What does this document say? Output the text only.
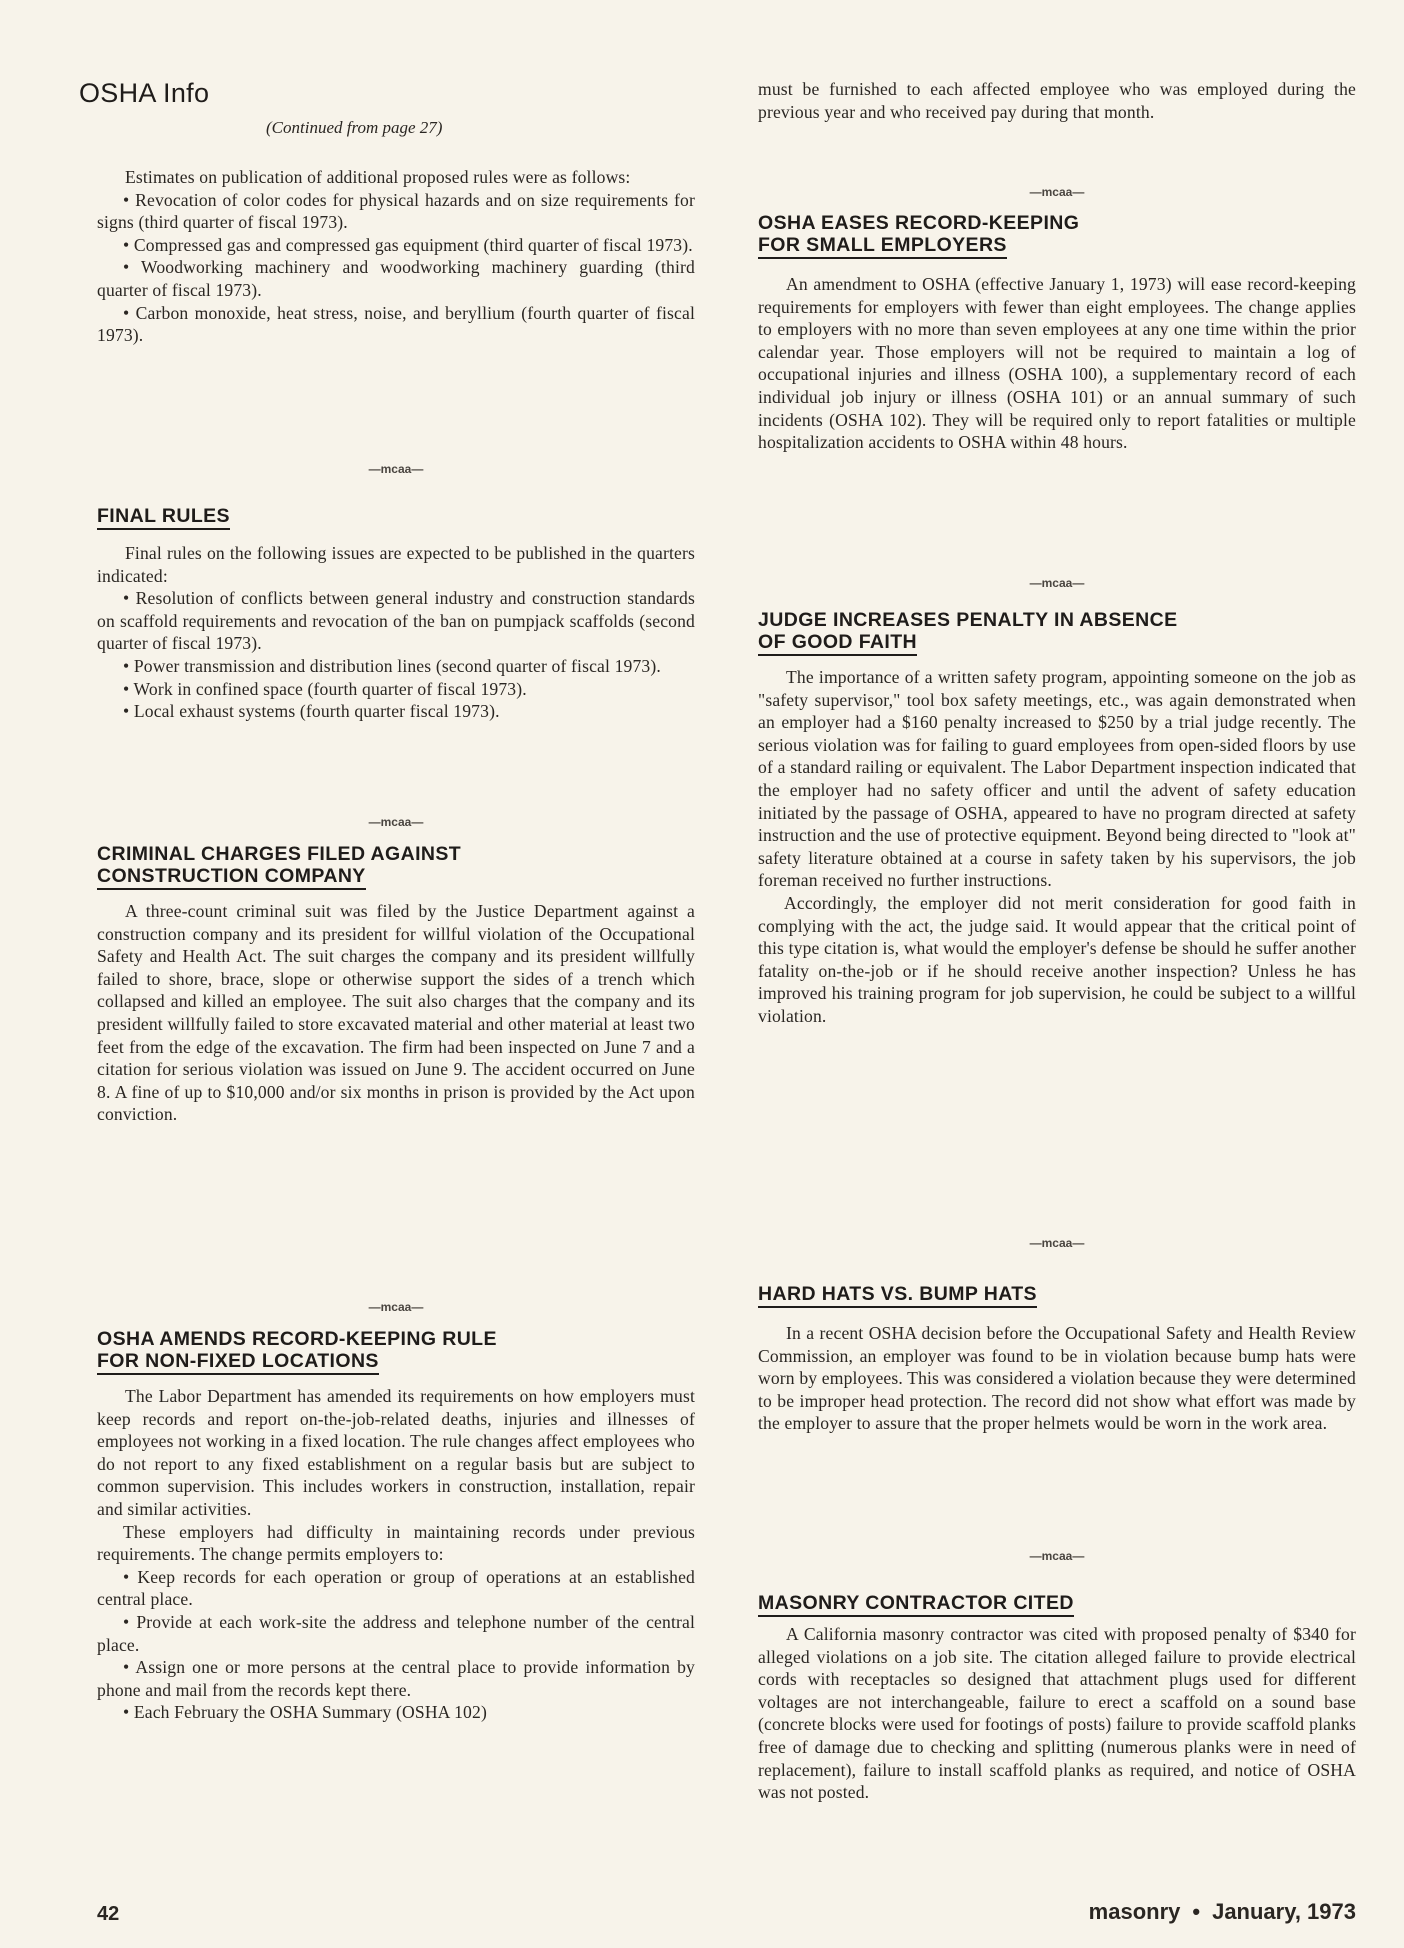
OSHA Info
(Continued from page 27)

Estimates on publication of additional proposed rules were as follows:

• Revocation of color codes for physical hazards and on size requirements for signs (third quarter of fiscal 1973).

• Compressed gas and compressed gas equipment (third quarter of fiscal 1973).

• Woodworking machinery and woodworking machinery guarding (third quarter of fiscal 1973).

• Carbon monoxide, heat stress, noise, and beryllium (fourth quarter of fiscal 1973).

—mcaa—
FINAL RULES

Final rules on the following issues are expected to be published in the quarters indicated:

• Resolution of conflicts between general industry and construction standards on scaffold requirements and revocation of the ban on pumpjack scaffolds (second quarter of fiscal 1973).

• Power transmission and distribution lines (second quarter of fiscal 1973).

• Work in confined space (fourth quarter of fiscal 1973).

• Local exhaust systems (fourth quarter fiscal 1973).

—mcaa—
CRIMINAL CHARGES FILED AGAINST
CONSTRUCTION COMPANY

A three-count criminal suit was filed by the Justice Department against a construction company and its president for willful violation of the Occupational Safety and Health Act. The suit charges the company and its president willfully failed to shore, brace, slope or otherwise support the sides of a trench which collapsed and killed an employee. The suit also charges that the company and its president willfully failed to store excavated material and other material at least two feet from the edge of the excavation. The firm had been inspected on June 7 and a citation for serious violation was issued on June 9. The accident occurred on June 8. A fine of up to $10,000 and/or six months in prison is provided by the Act upon conviction.

—mcaa—
OSHA AMENDS RECORD-KEEPING RULE
FOR NON-FIXED LOCATIONS

The Labor Department has amended its requirements on how employers must keep records and report on-the-job-related deaths, injuries and illnesses of employees not working in a fixed location. The rule changes affect employees who do not report to any fixed establishment on a regular basis but are subject to common supervision. This includes workers in construction, installation, repair and similar activities.

These employers had difficulty in maintaining records under previous requirements. The change permits employers to:

• Keep records for each operation or group of operations at an established central place.

• Provide at each work-site the address and telephone number of the central place.

• Assign one or more persons at the central place to provide information by phone and mail from the records kept there.

• Each February the OSHA Summary (OSHA 102)

must be furnished to each affected employee who was employed during the previous year and who received pay during that month.

—mcaa—
OSHA EASES RECORD-KEEPING
FOR SMALL EMPLOYERS

An amendment to OSHA (effective January 1, 1973) will ease record-keeping requirements for employers with fewer than eight employees. The change applies to employers with no more than seven employees at any one time within the prior calendar year. Those employers will not be required to maintain a log of occupational injuries and illness (OSHA 100), a supplementary record of each individual job injury or illness (OSHA 101) or an annual summary of such incidents (OSHA 102). They will be required only to report fatalities or multiple hospitalization accidents to OSHA within 48 hours.

—mcaa—
JUDGE INCREASES PENALTY IN ABSENCE
OF GOOD FAITH

The importance of a written safety program, appointing someone on the job as "safety supervisor," tool box safety meetings, etc., was again demonstrated when an employer had a $160 penalty increased to $250 by a trial judge recently. The serious violation was for failing to guard employees from open-sided floors by use of a standard railing or equivalent. The Labor Department inspection indicated that the employer had no safety officer and until the advent of safety education initiated by the passage of OSHA, appeared to have no program directed at safety instruction and the use of protective equipment. Beyond being directed to "look at" safety literature obtained at a course in safety taken by his supervisors, the job foreman received no further instructions.

Accordingly, the employer did not merit consideration for good faith in complying with the act, the judge said. It would appear that the critical point of this type citation is, what would the employer's defense be should he suffer another fatality on-the-job or if he should receive another inspection? Unless he has improved his training program for job supervision, he could be subject to a willful violation.

—mcaa—
HARD HATS VS. BUMP HATS

In a recent OSHA decision before the Occupational Safety and Health Review Commission, an employer was found to be in violation because bump hats were worn by employees. This was considered a violation because they were determined to be improper head protection. The record did not show what effort was made by the employer to assure that the proper helmets would be worn in the work area.

—mcaa—
MASONRY CONTRACTOR CITED

A California masonry contractor was cited with proposed penalty of $340 for alleged violations on a job site. The citation alleged failure to provide electrical cords with receptacles so designed that attachment plugs used for different voltages are not interchangeable, failure to erect a scaffold on a sound base (concrete blocks were used for footings of posts) failure to provide scaffold planks free of damage due to checking and splitting (numerous planks were in need of replacement), failure to install scaffold planks as required, and notice of OSHA was not posted.

42	masonry • January, 1973
